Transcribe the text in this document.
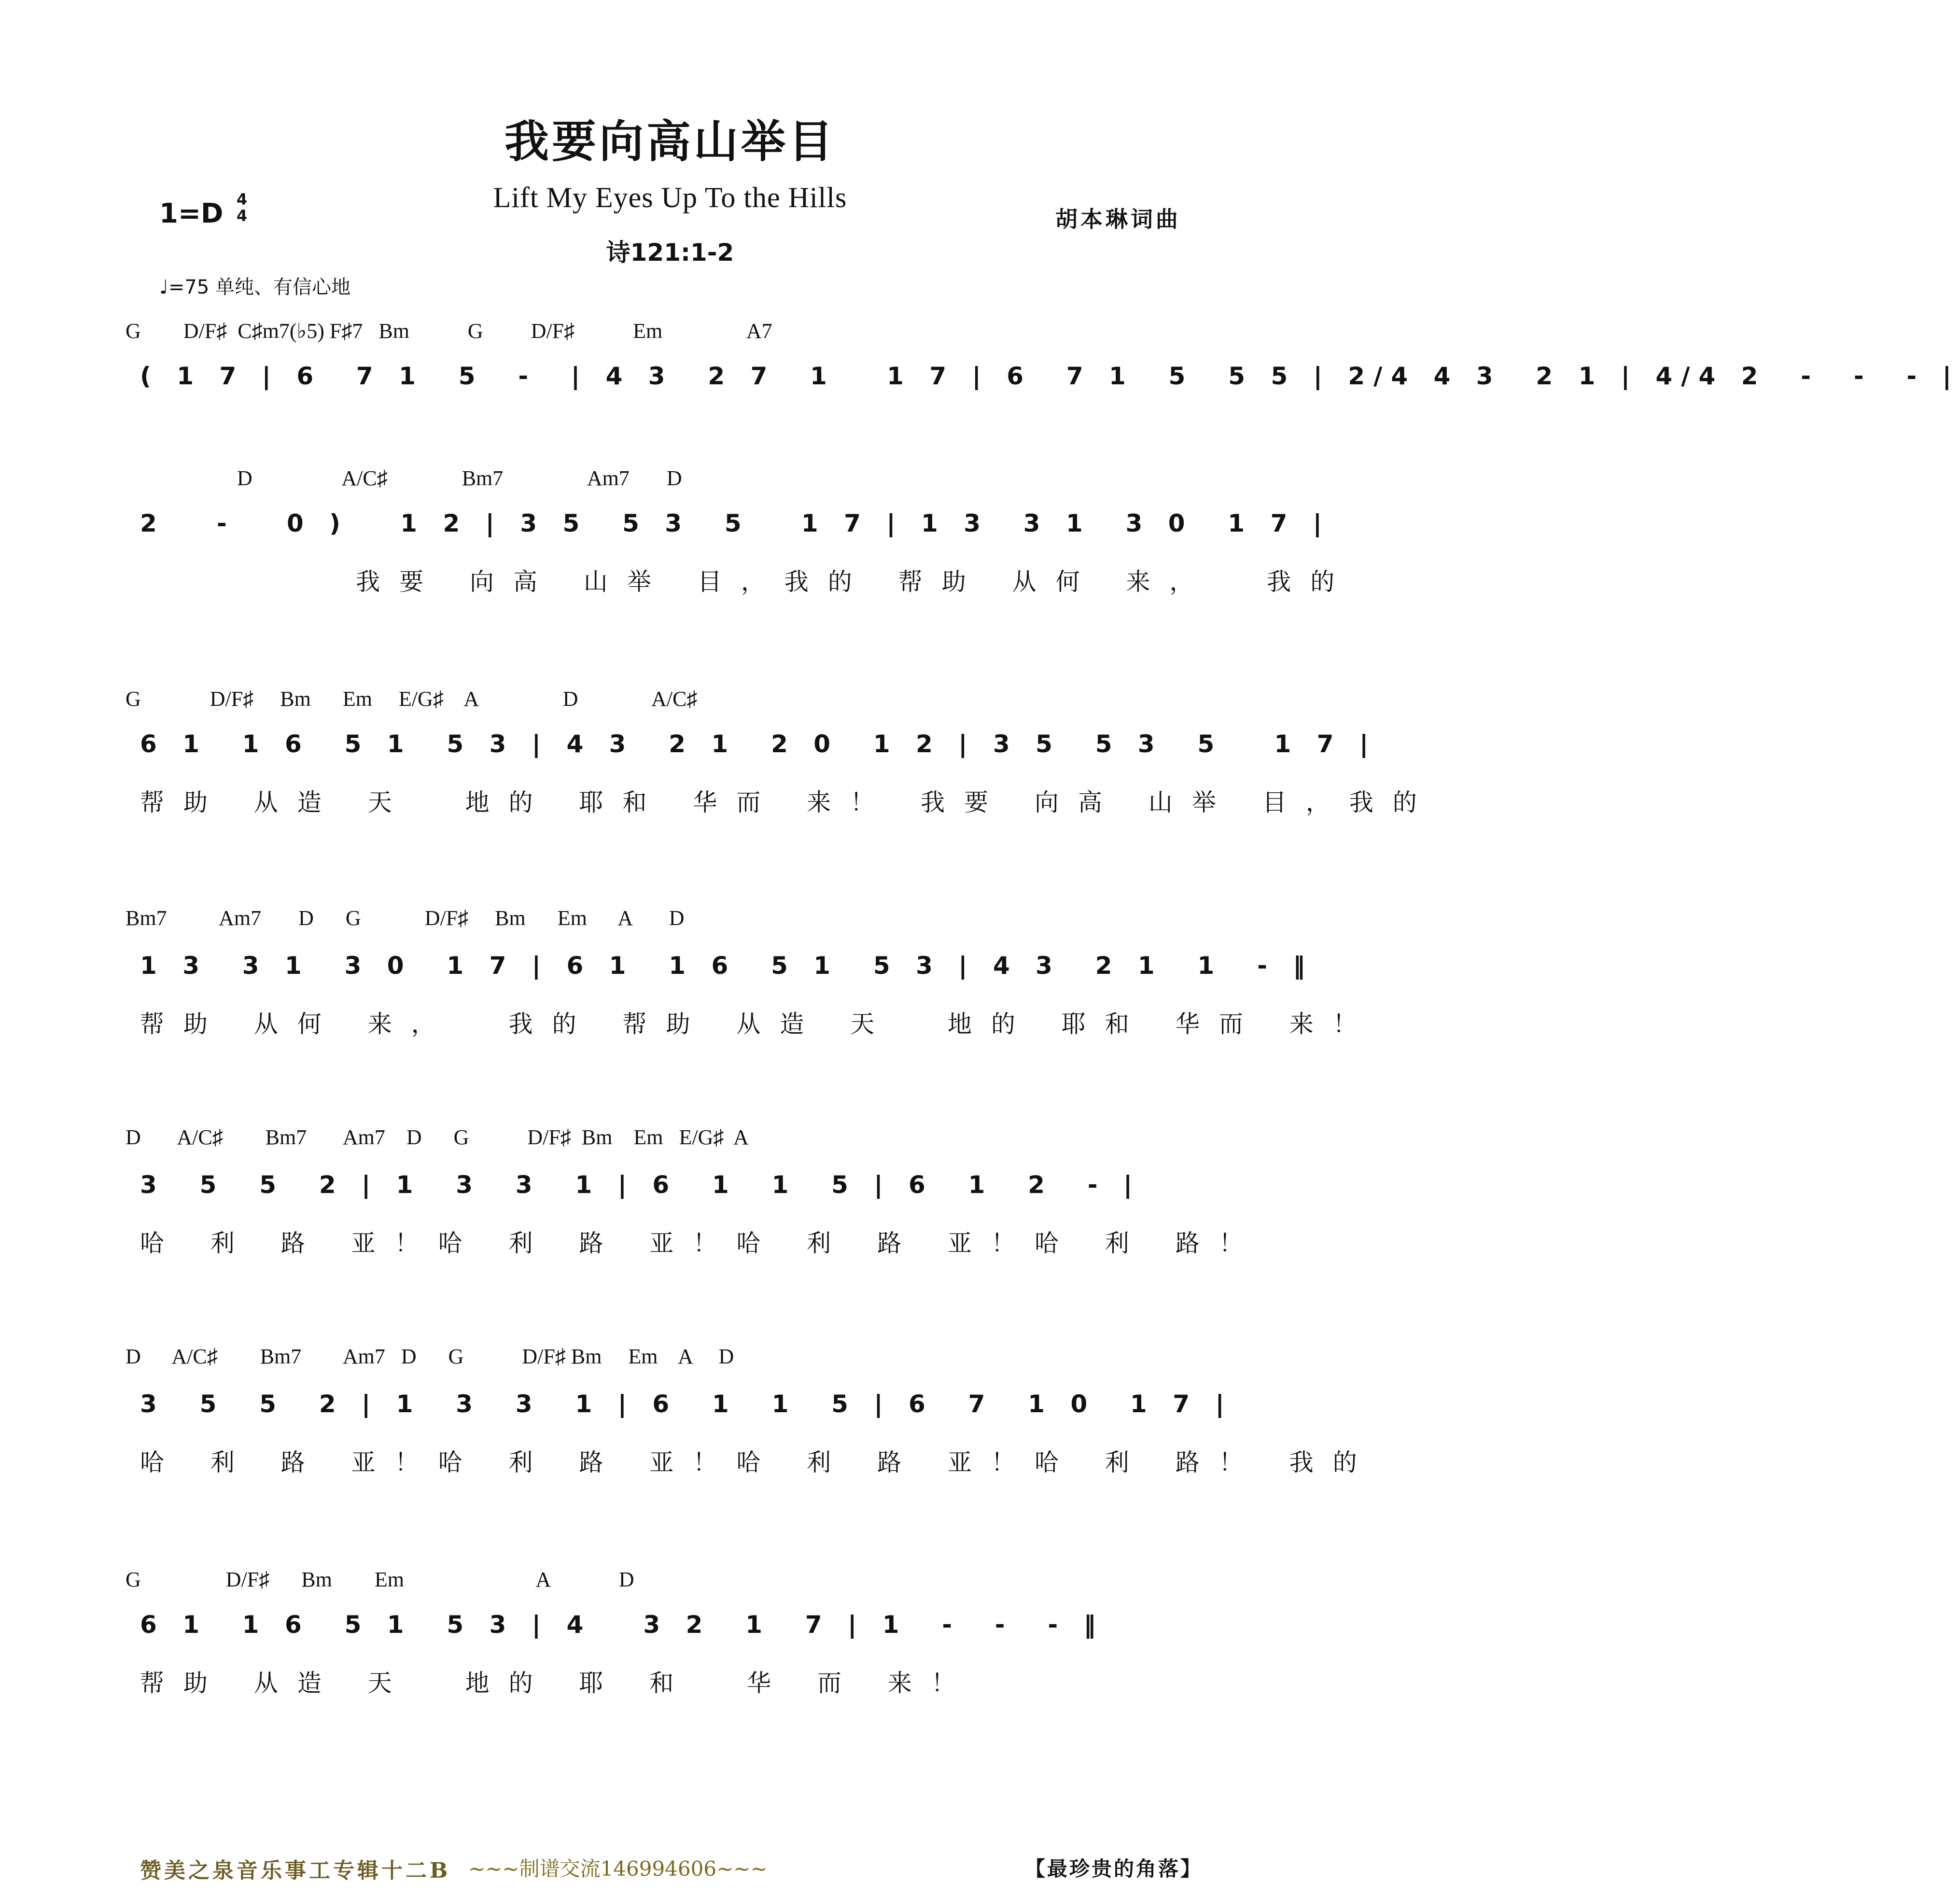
我要向高山举目
Lift My Eyes Up To the Hills
诗121:1-2
1=D 4
4	胡本琳词曲
♩=75 单纯、有信心地
G        D/F♯  C♯m7(♭5) F♯7   Bm           G         D/F♯           Em                A7
( 1 7 | 6  7 1  5  -  | 4 3  2 7  1   1 7 | 6  7 1  5  5 5 | 2/4 4 3  2 1 | 4/4 2  -  -  - |
D                 A/C♯              Bm7                Am7       D
2   -   0 )   1 2 | 3 5  5 3  5   1 7 | 1 3  3 1  3 0  1 7 |
我要 向高 山举 目，我的 帮助 从何 来，  我的
G             D/F♯     Bm      Em     E/G♯    A                D              A/C♯
6 1  1 6  5 1  5 3 | 4 3  2 1  2 0  1 2 | 3 5  5 3  5   1 7 |
帮助 从造 天  地的 耶和 华而 来！ 我要 向高 山举 目，我的
Bm7          Am7       D      G            D/F♯     Bm      Em      A       D
1 3  3 1  3 0  1 7 | 6 1  1 6  5 1  5 3 | 4 3  2 1  1  - ‖
帮助 从何 来，  我的 帮助 从造 天  地的 耶和 华而 来！
D       A/C♯        Bm7       Am7    D      G           D/F♯  Bm    Em   E/G♯  A
3  5  5  2 | 1  3  3  1 | 6  1  1  5 | 6  1  2  - |
哈 利 路 亚！哈 利 路 亚！哈 利 路 亚！哈 利 路！
D      A/C♯        Bm7        Am7   D      G           D/F♯ Bm     Em    A     D
3  5  5  2 | 1  3  3  1 | 6  1  1  5 | 6  7  1 0  1 7 |
哈 利 路 亚！哈 利 路 亚！哈 利 路 亚！哈 利 路！ 我的
G                D/F♯      Bm        Em                         A             D
6 1  1 6  5 1  5 3 | 4   3 2  1  7 | 1  -  -  - ‖
帮助 从造 天  地的 耶 和  华 而 来！
赞美之泉音乐事工专辑十二B ~~~制谱交流146994606~~~	【最珍贵的角落】
